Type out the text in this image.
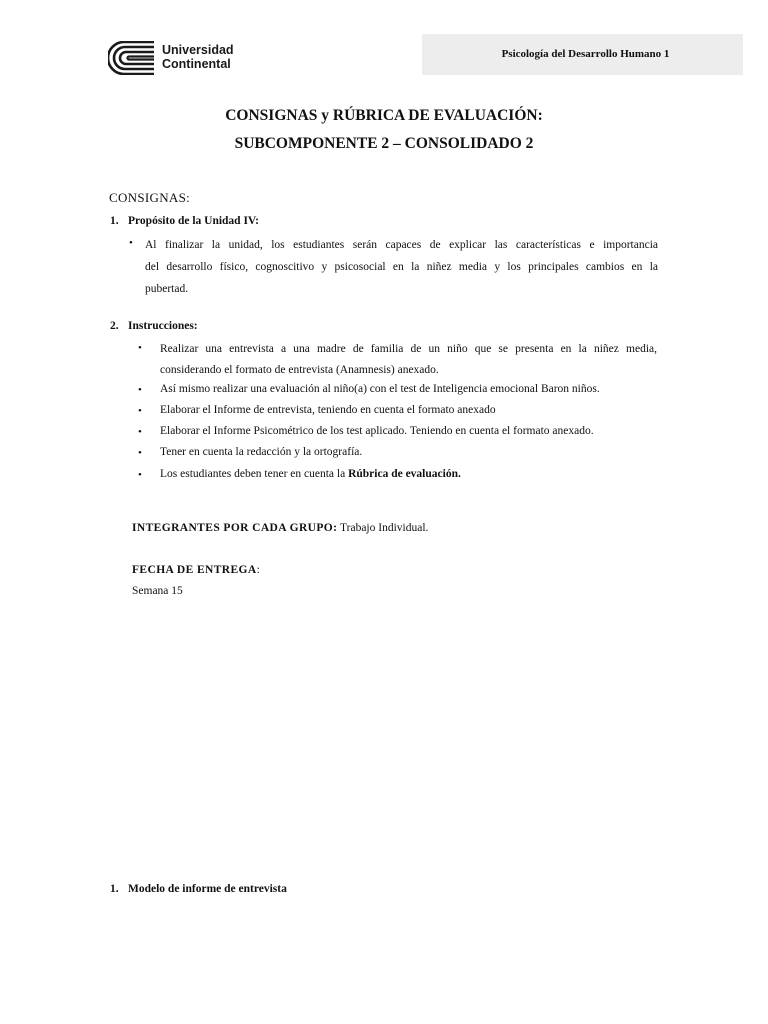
Universidad
Continental
Psicología del Desarrollo Humano 1
CONSIGNAS y RÚBRICA DE EVALUACIÓN:
SUBCOMPONENTE 2 – CONSOLIDADO 2
CONSIGNAS:
1. Propósito de la Unidad IV:
• Al finalizar la unidad, los estudiantes serán capaces de explicar las características e importancia
del desarrollo físico, cognoscitivo y psicosocial en la niñez media y los principales cambios en la
pubertad.
2. Instrucciones:
• Realizar una entrevista a una madre de familia de un niño que se presenta en la niñez media,
considerando el formato de entrevista (Anamnesis) anexado.
• Así mismo realizar una evaluación al niño(a) con el test de Inteligencia emocional Baron niños.
• Elaborar el Informe de entrevista, teniendo en cuenta el formato anexado
• Elaborar el Informe Psicométrico de los test aplicado. Teniendo en cuenta el formato anexado.
• Tener en cuenta la redacción y la ortografía.
• Los estudiantes deben tener en cuenta la Rúbrica de evaluación.
INTEGRANTES POR CADA GRUPO: Trabajo Individual.
FECHA DE ENTREGA:
Semana 15
1. Modelo de informe de entrevista
